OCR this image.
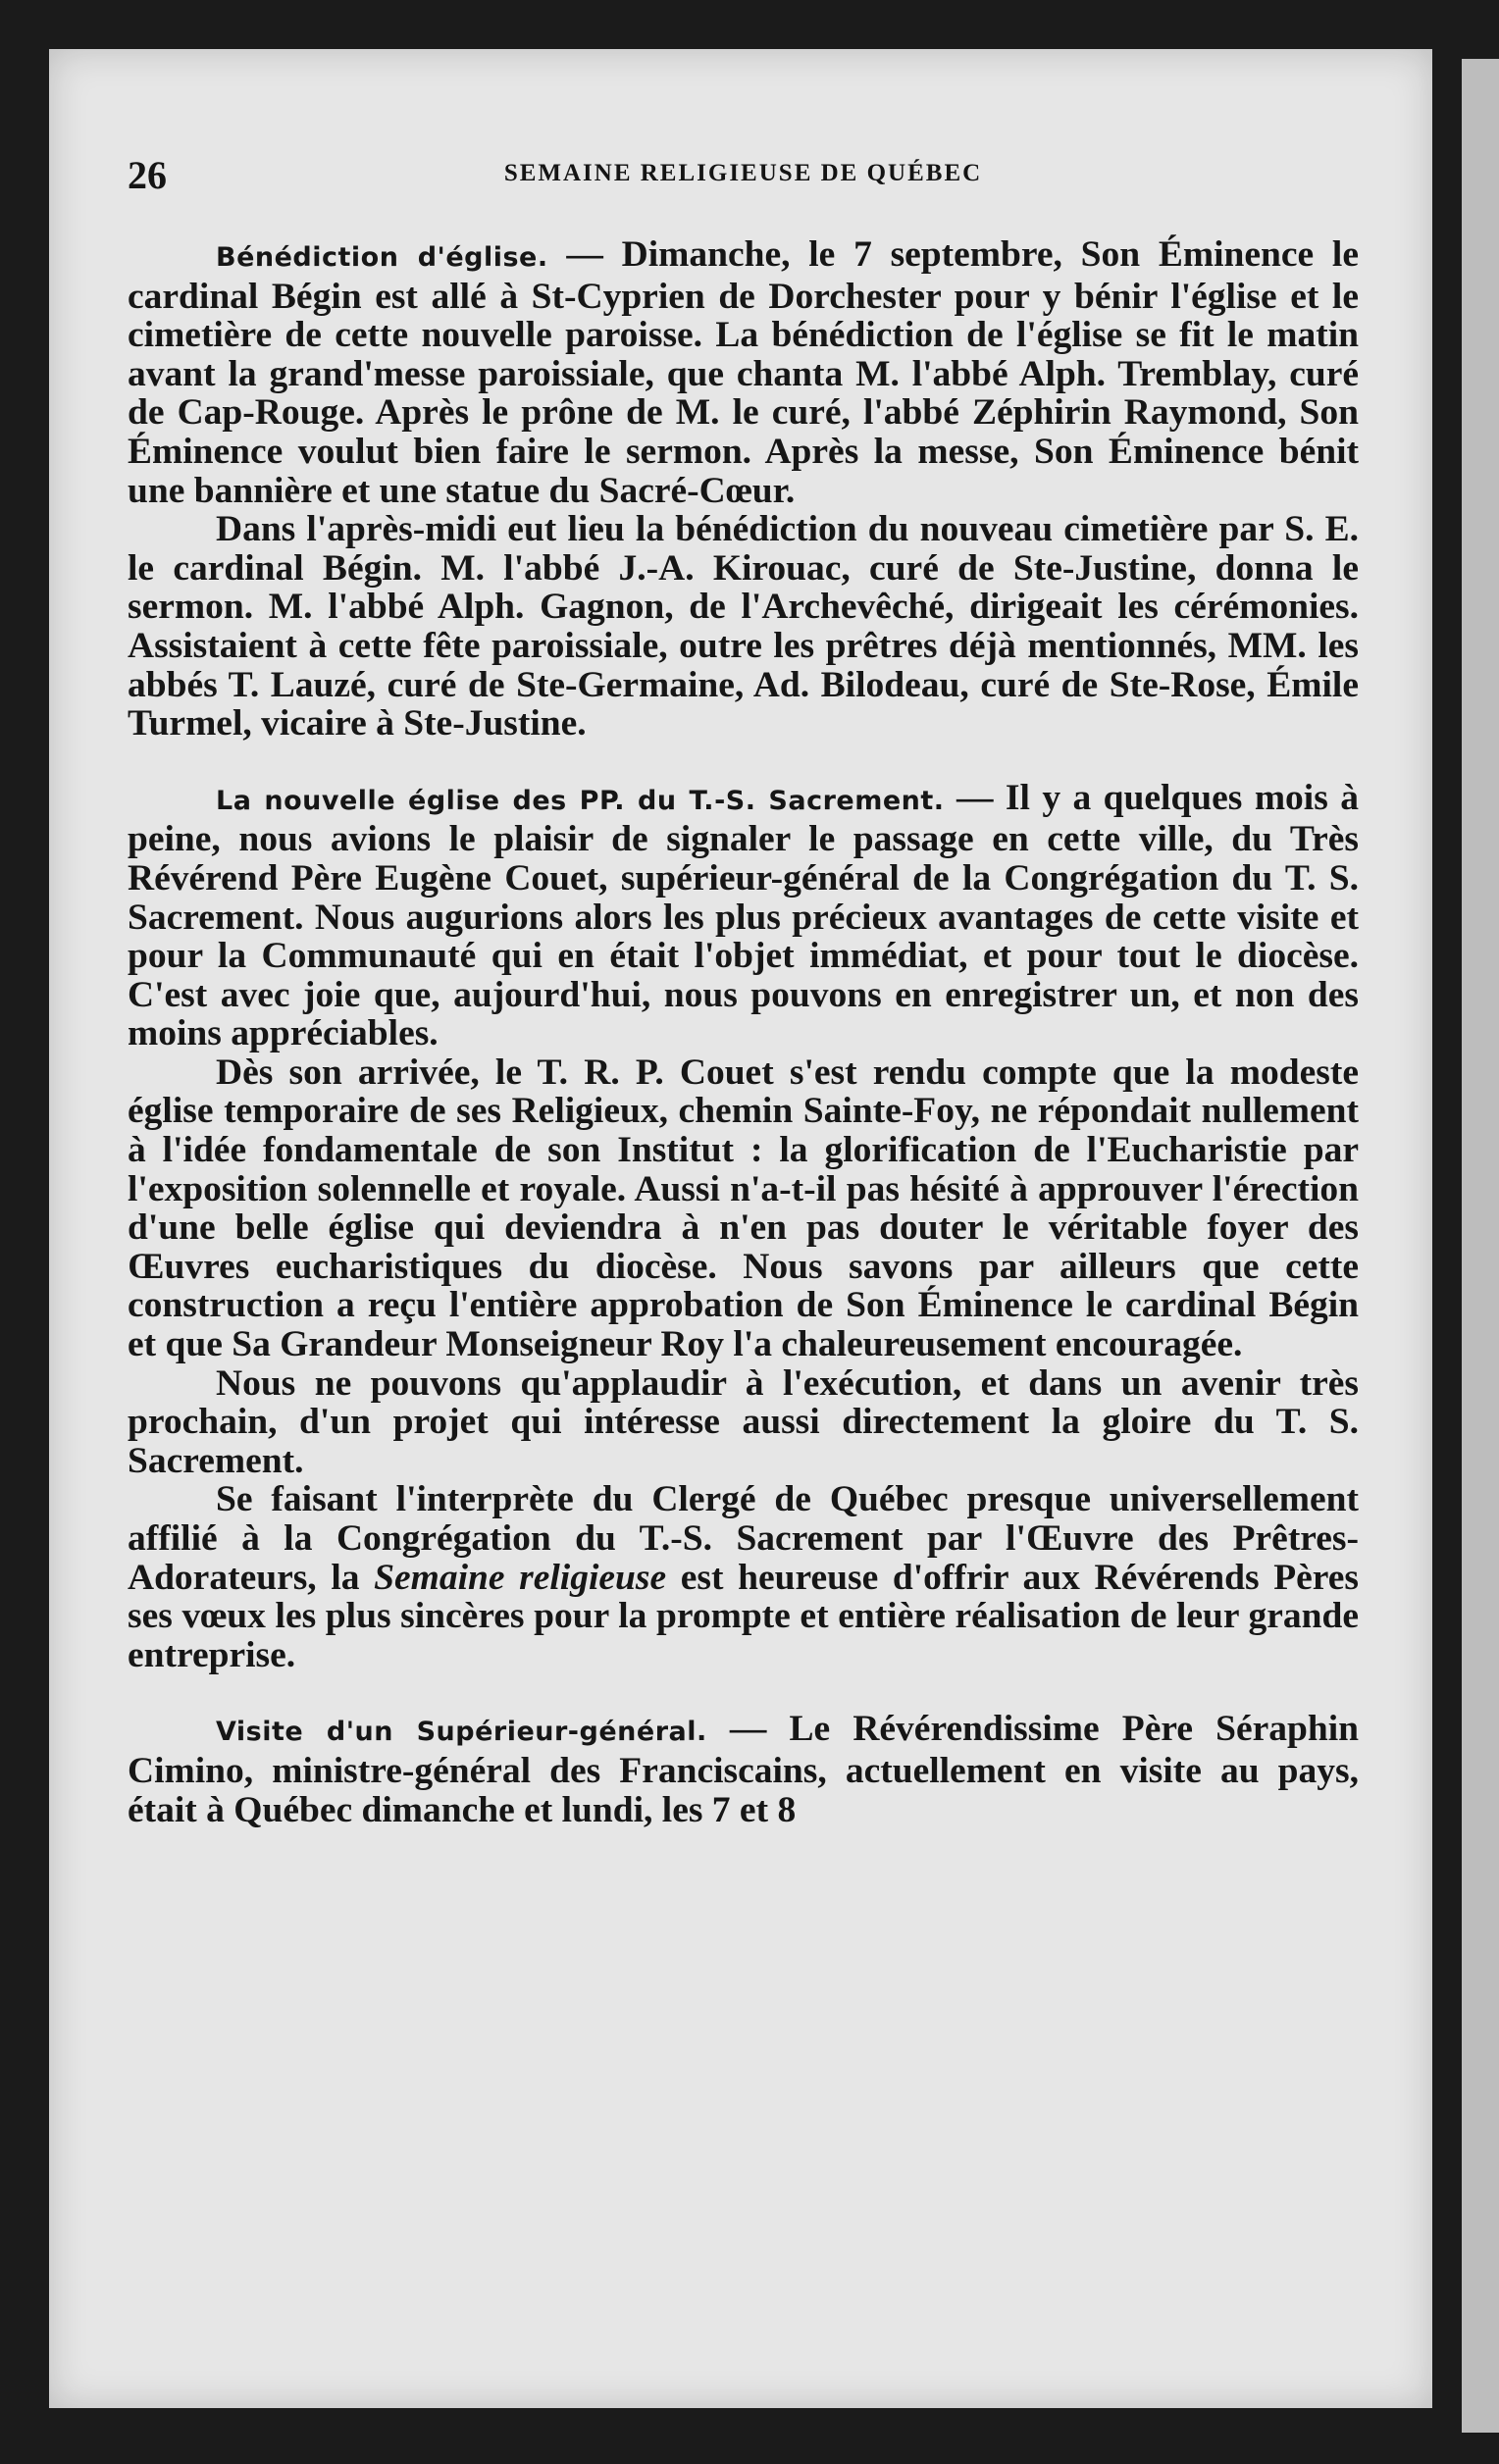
26	SEMAINE RELIGIEUSE DE QUÉBEC

Bénédiction d'église. — Dimanche, le 7 septembre, Son Éminence le cardinal Bégin est allé à St-Cyprien de Dorchester pour y bénir l'église et le cimetière de cette nouvelle paroisse. La bénédiction de l'église se fit le matin avant la grand'messe paroissiale, que chanta M. l'abbé Alph. Tremblay, curé de Cap-Rouge. Après le prône de M. le curé, l'abbé Zéphirin Raymond, Son Éminence voulut bien faire le sermon. Après la messe, Son Éminence bénit une bannière et une statue du Sacré-Cœur.

Dans l'après-midi eut lieu la bénédiction du nouveau cimetière par S. E. le cardinal Bégin. M. l'abbé J.-A. Kirouac, curé de Ste-Justine, donna le sermon. M. l'abbé Alph. Gagnon, de l'Archevêché, dirigeait les cérémonies. Assistaient à cette fête paroissiale, outre les prêtres déjà mentionnés, MM. les abbés T. Lauzé, curé de Ste-Germaine, Ad. Bilodeau, curé de Ste-Rose, Émile Turmel, vicaire à Ste-Justine.

La nouvelle église des PP. du T.-S. Sacrement. — Il y a quelques mois à peine, nous avions le plaisir de signaler le passage en cette ville, du Très Révérend Père Eugène Couet, supérieur-général de la Congrégation du T. S. Sacrement. Nous augurions alors les plus précieux avantages de cette visite et pour la Communauté qui en était l'objet immédiat, et pour tout le diocèse. C'est avec joie que, aujourd'hui, nous pouvons en enregistrer un, et non des moins appréciables.

Dès son arrivée, le T. R. P. Couet s'est rendu compte que la modeste église temporaire de ses Religieux, chemin Sainte-Foy, ne répondait nullement à l'idée fondamentale de son Institut : la glorification de l'Eucharistie par l'exposition solennelle et royale. Aussi n'a-t-il pas hésité à approuver l'érection d'une belle église qui deviendra à n'en pas douter le véritable foyer des Œuvres eucharistiques du diocèse. Nous savons par ailleurs que cette construction a reçu l'entière approbation de Son Éminence le cardinal Bégin et que Sa Grandeur Monseigneur Roy l'a chaleureusement encouragée.

Nous ne pouvons qu'applaudir à l'exécution, et dans un avenir très prochain, d'un projet qui intéresse aussi directement la gloire du T. S. Sacrement.

Se faisant l'interprète du Clergé de Québec presque universellement affilié à la Congrégation du T.-S. Sacrement par l'Œuvre des Prêtres-Adorateurs, la Semaine religieuse est heureuse d'offrir aux Révérends Pères ses vœux les plus sincères pour la prompte et entière réalisation de leur grande entreprise.

Visite d'un Supérieur-général. — Le Révérendissime Père Séraphin Cimino, ministre-général des Franciscains, actuellement en visite au pays, était à Québec dimanche et lundi, les 7 et 8
